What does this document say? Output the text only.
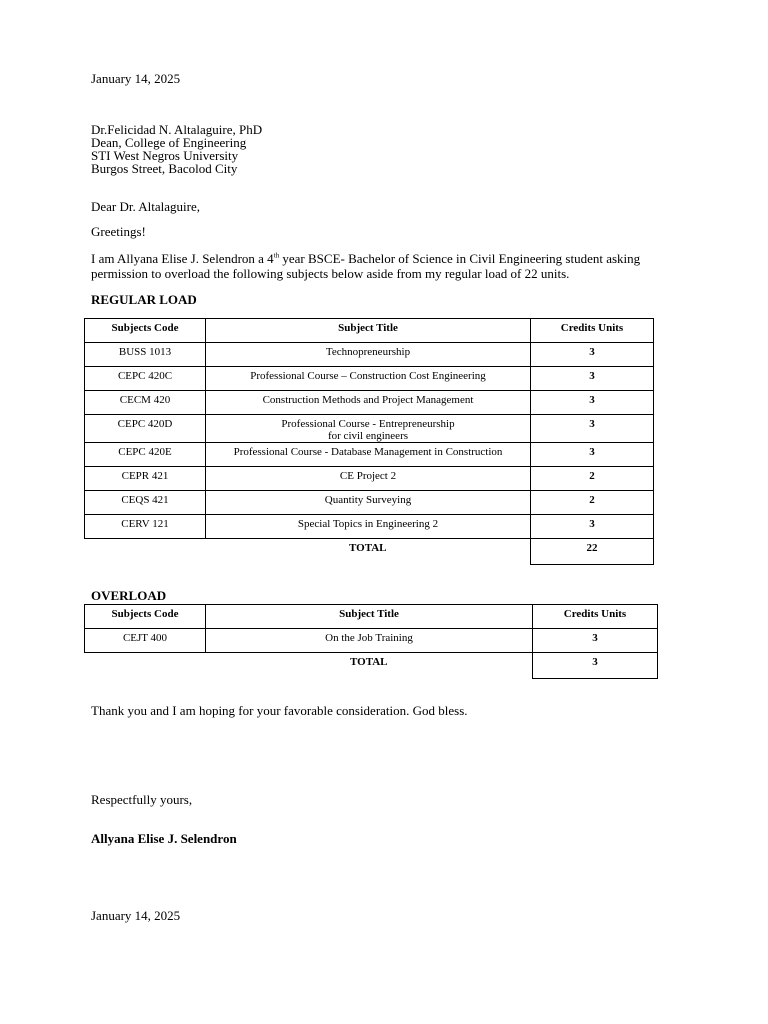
January 14, 2025
Dr.Felicidad N. Altalaguire, PhD
Dean, College of Engineering
STI West Negros University
Burgos Street, Bacolod City
Dear Dr. Altalaguire,
Greetings!
I am Allyana Elise J. Selendron a 4th year BSCE- Bachelor of Science in Civil Engineering student asking permission to overload the following subjects below aside from my regular load of 22 units.
REGULAR LOAD
Subjects Code	Subject Title	Credits Units
BUSS 1013	Technopreneurship	3
CEPC 420C	Professional Course – Construction Cost Engineering	3
CECM 420	Construction Methods and Project Management	3
CEPC 420D	Professional Course - Entrepreneurship
for civil engineers	3
CEPC 420E	Professional Course - Database Management in Construction	3
CEPR 421	CE Project 2	2
CEQS 421	Quantity Surveying	2
CERV 121	Special Topics in Engineering 2	3
	TOTAL	22
OVERLOAD
Subjects Code	Subject Title	Credits Units
CEJT 400	On the Job Training	3
	TOTAL	3
Thank you and I am hoping for your favorable consideration. God bless.
Respectfully yours,
Allyana Elise J. Selendron
January 14, 2025
